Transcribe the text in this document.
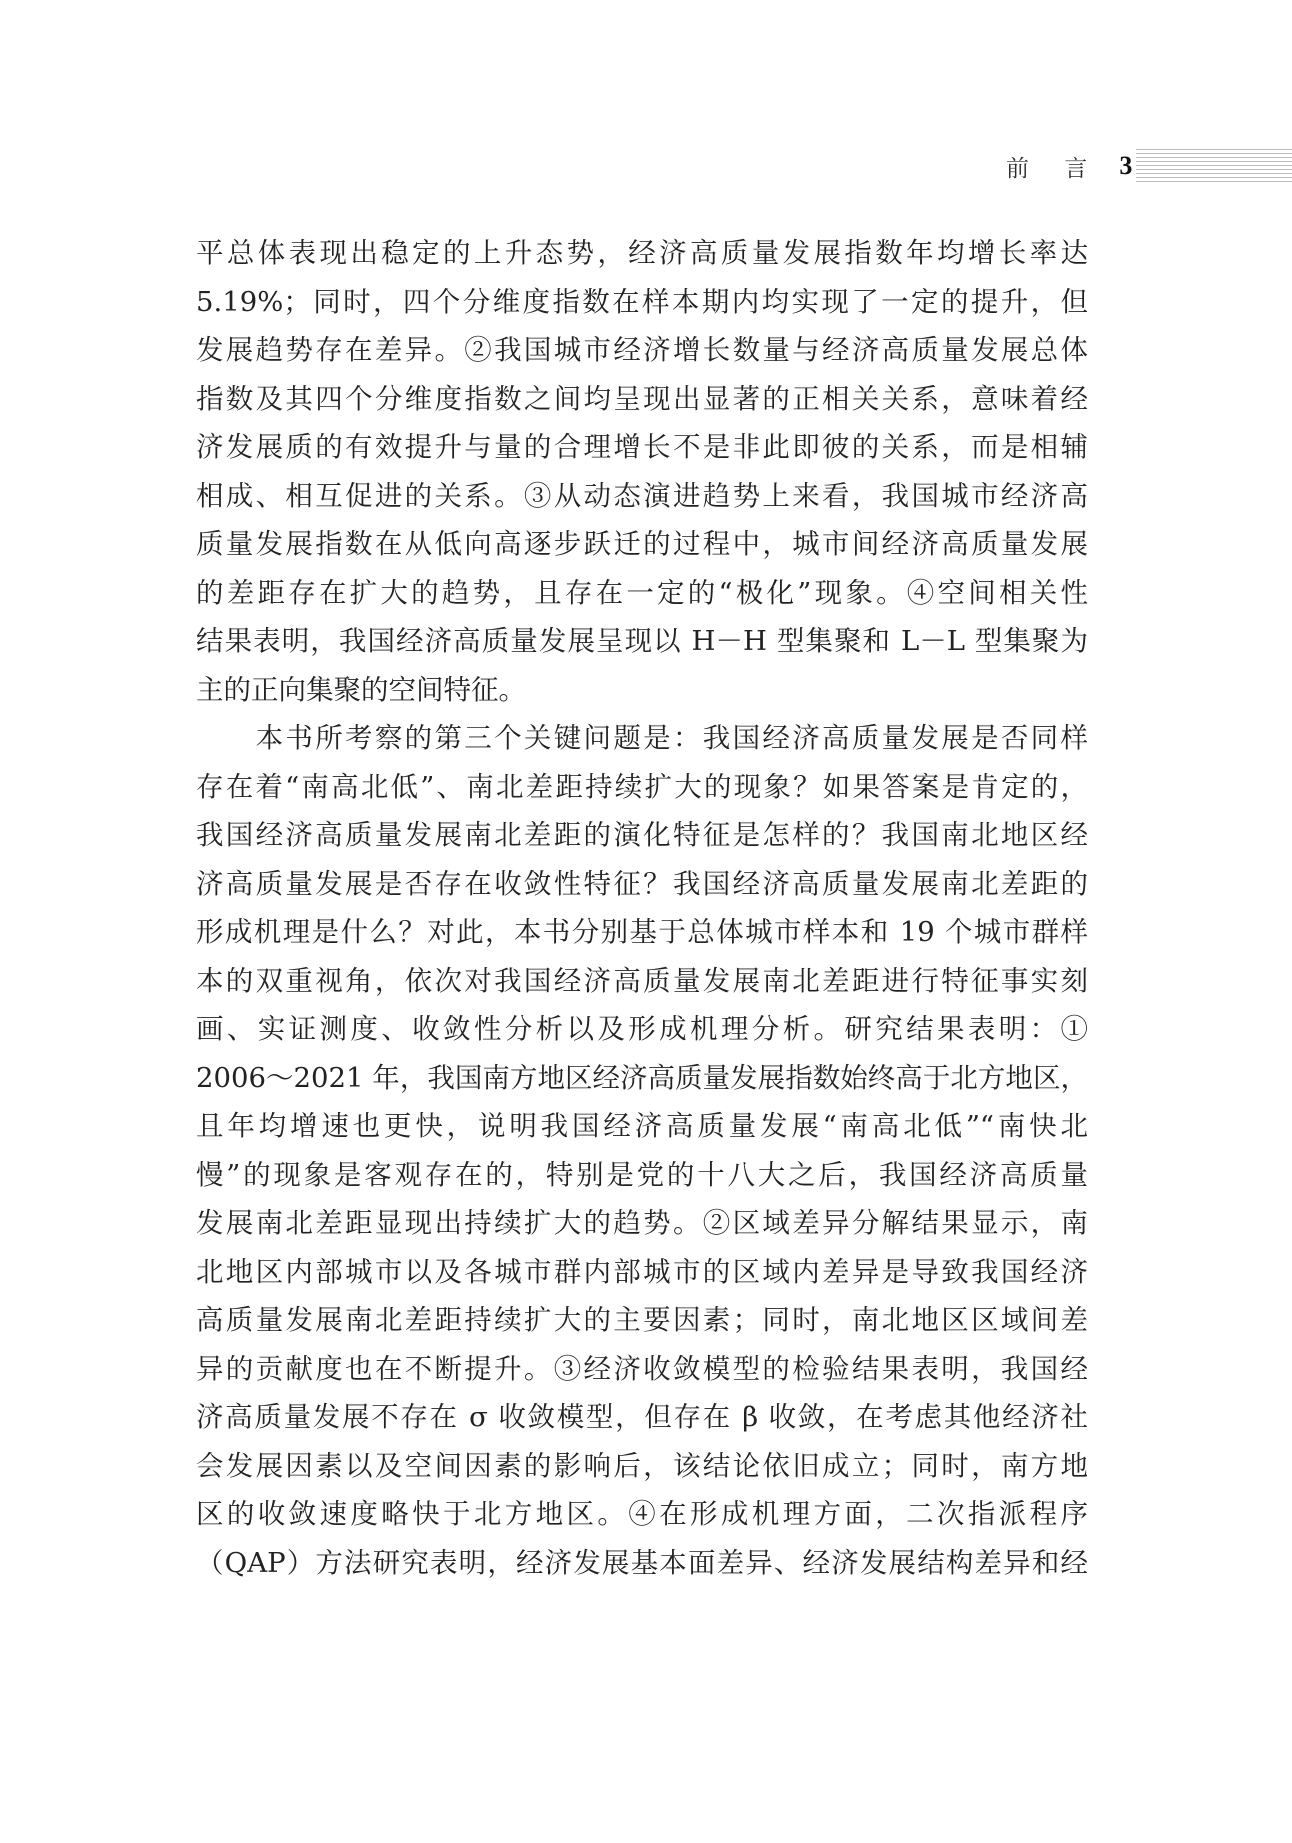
前 言 3
平总体表现出稳定的上升态势，经济高质量发展指数年均增长率达
5.19%；同时，四个分维度指数在样本期内均实现了一定的提升，但
发展趋势存在差异。②我国城市经济增长数量与经济高质量发展总体
指数及其四个分维度指数之间均呈现出显著的正相关关系，意味着经
济发展质的有效提升与量的合理增长不是非此即彼的关系，而是相辅
相成、相互促进的关系。③从动态演进趋势上来看，我国城市经济高
质量发展指数在从低向高逐步跃迁的过程中，城市间经济高质量发展
的差距存在扩大的趋势，且存在一定的“极化”现象。④空间相关性
结果表明，我国经济高质量发展呈现以 H－H 型集聚和 L－L 型集聚为
主的正向集聚的空间特征。
　　本书所考察的第三个关键问题是：我国经济高质量发展是否同样
存在着“南高北低”、南北差距持续扩大的现象？如果答案是肯定的，
我国经济高质量发展南北差距的演化特征是怎样的？我国南北地区经
济高质量发展是否存在收敛性特征？我国经济高质量发展南北差距的
形成机理是什么？对此，本书分别基于总体城市样本和 19 个城市群样
本的双重视角，依次对我国经济高质量发展南北差距进行特征事实刻
画、实证测度、收敛性分析以及形成机理分析。研究结果表明：①
2006～2021 年，我国南方地区经济高质量发展指数始终高于北方地区，
且年均增速也更快，说明我国经济高质量发展“南高北低”“南快北
慢”的现象是客观存在的，特别是党的十八大之后，我国经济高质量
发展南北差距显现出持续扩大的趋势。②区域差异分解结果显示，南
北地区内部城市以及各城市群内部城市的区域内差异是导致我国经济
高质量发展南北差距持续扩大的主要因素；同时，南北地区区域间差
异的贡献度也在不断提升。③经济收敛模型的检验结果表明，我国经
济高质量发展不存在 σ 收敛模型，但存在 β 收敛，在考虑其他经济社
会发展因素以及空间因素的影响后，该结论依旧成立；同时，南方地
区的收敛速度略快于北方地区。④在形成机理方面，二次指派程序
（QAP）方法研究表明，经济发展基本面差异、经济发展结构差异和经
